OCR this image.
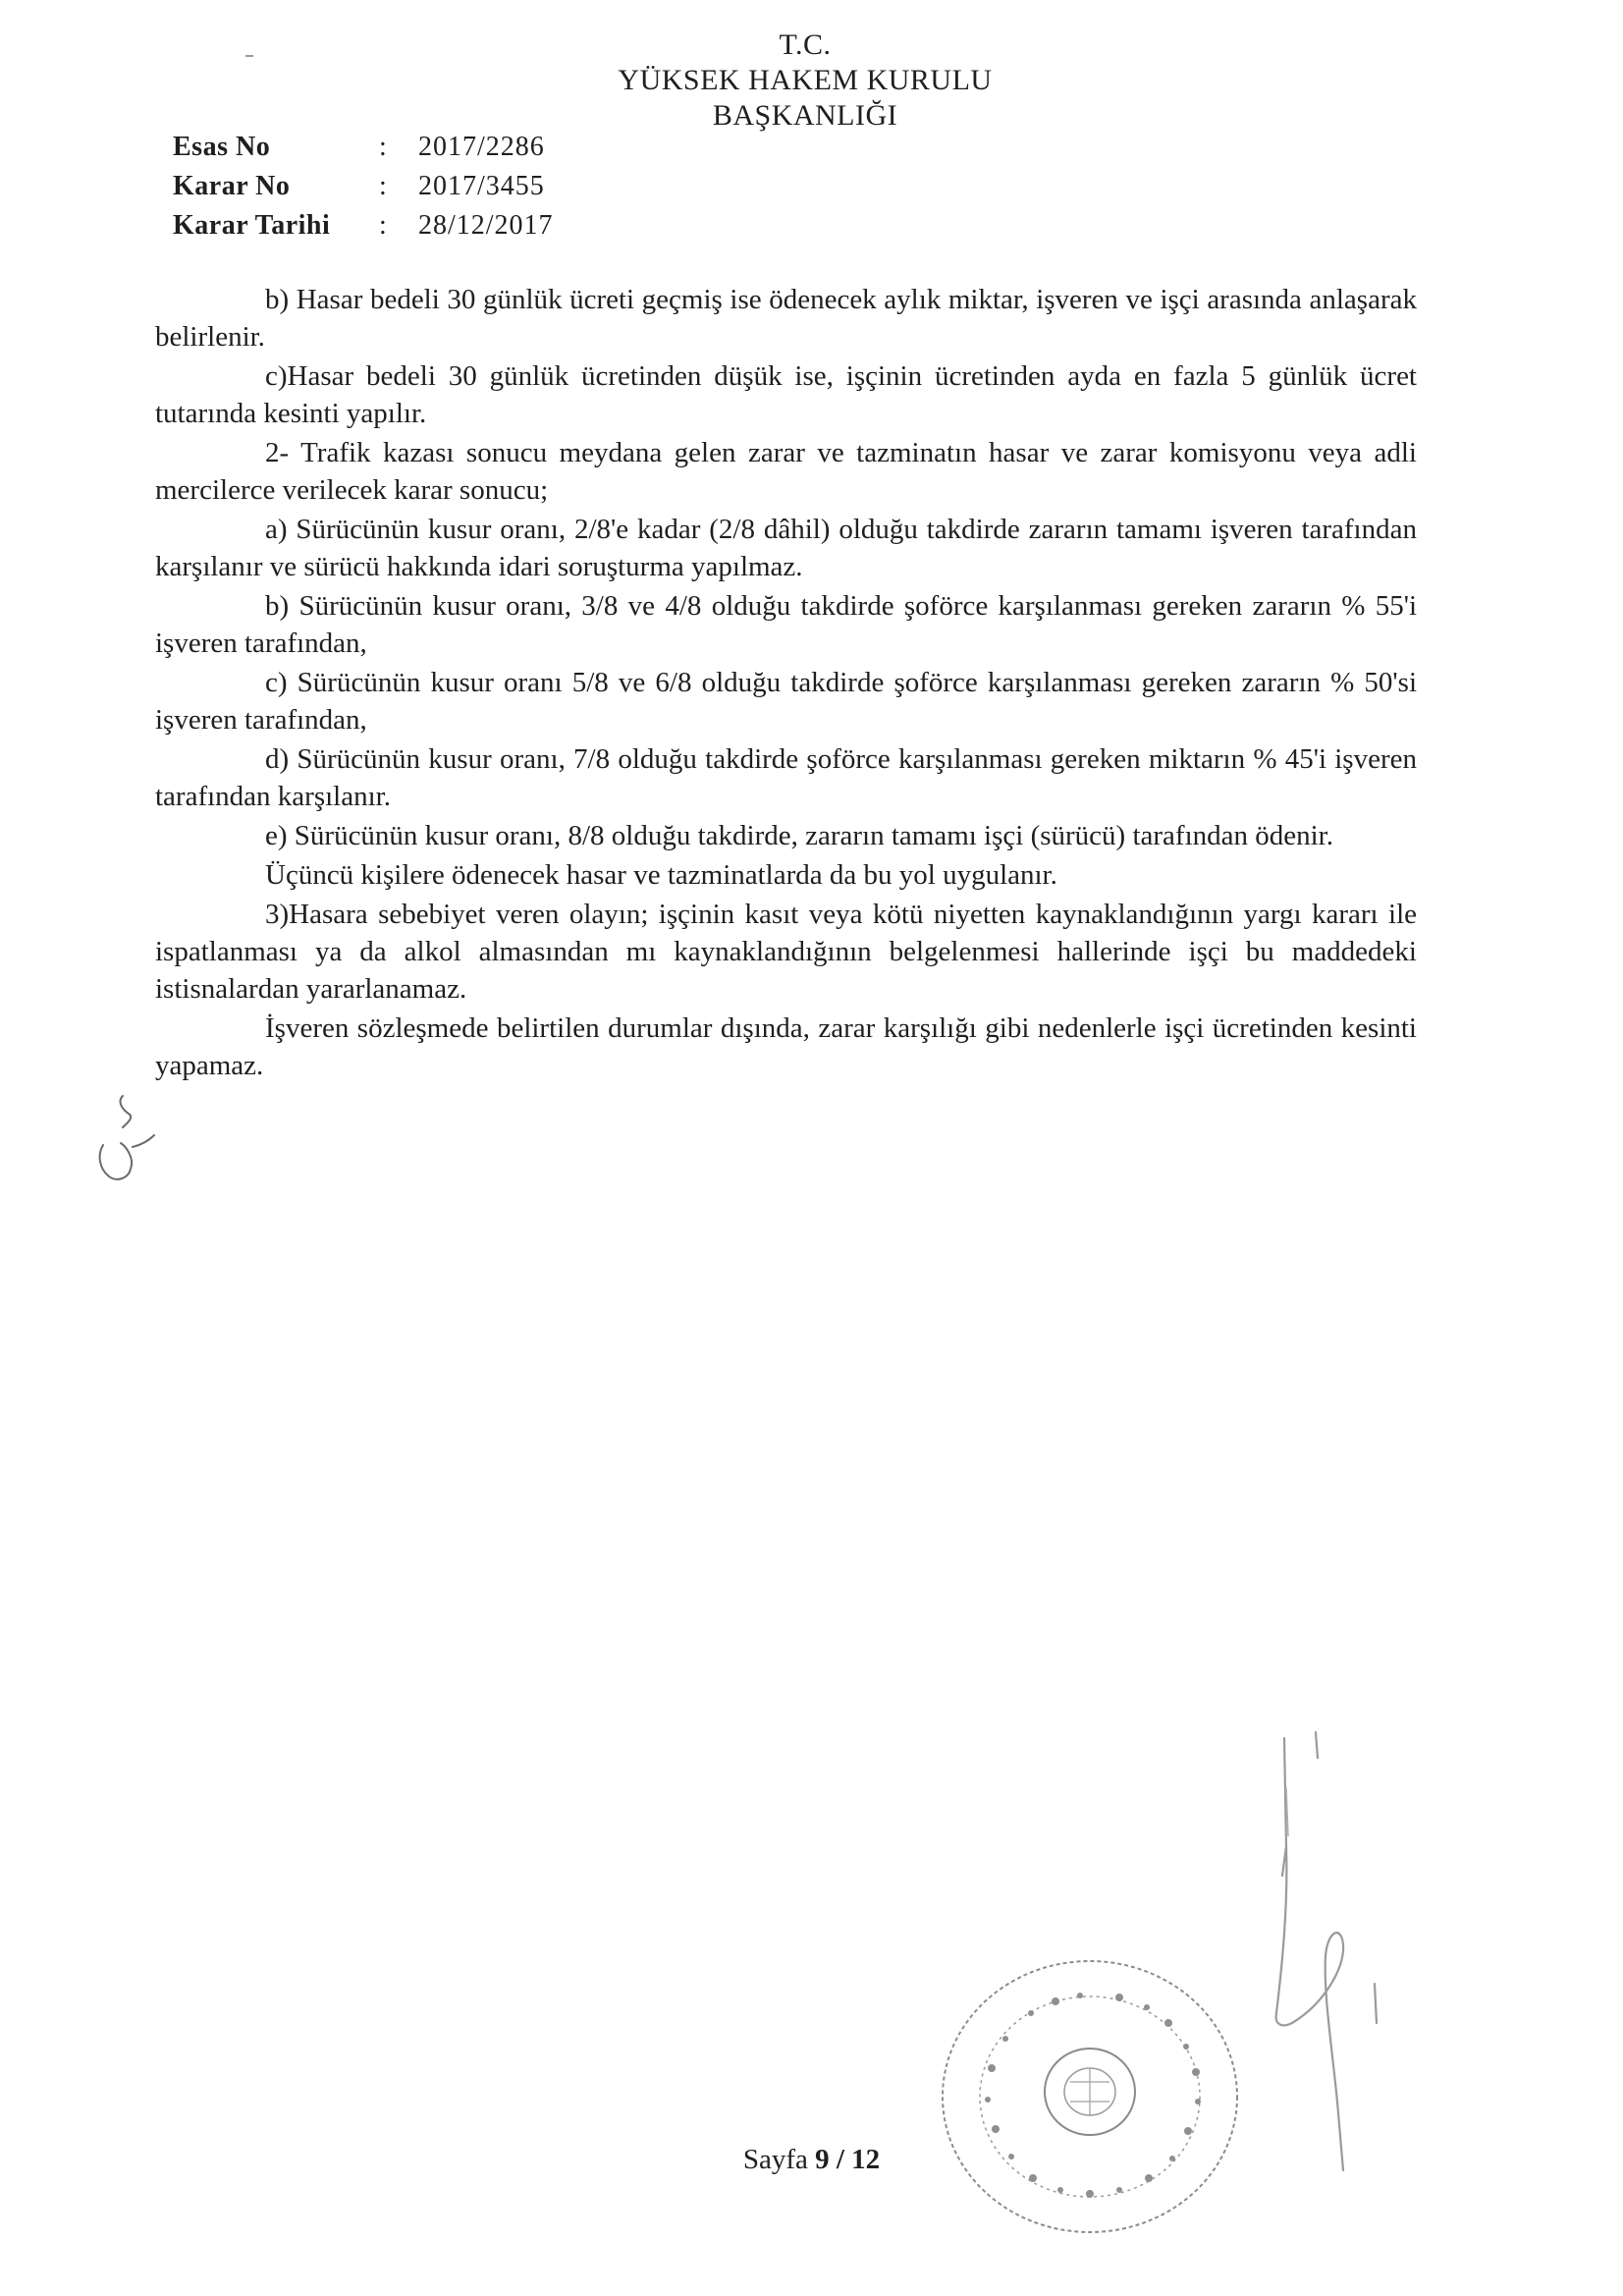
T.C.
YÜKSEK HAKEM KURULU
BAŞKANLIĞI
Esas No	:	2017/2286
Karar No	:	2017/3455
Karar Tarihi	:	28/12/2017

b) Hasar bedeli 30 günlük ücreti geçmiş ise ödenecek aylık miktar, işveren ve işçi arasında anlaşarak belirlenir.

c)Hasar bedeli 30 günlük ücretinden düşük ise, işçinin ücretinden ayda en fazla 5 günlük ücret tutarında kesinti yapılır.

2- Trafik kazası sonucu meydana gelen zarar ve tazminatın hasar ve zarar komisyonu veya adli mercilerce verilecek karar sonucu;

a) Sürücünün kusur oranı, 2/8'e kadar (2/8 dâhil) olduğu takdirde zararın tamamı işveren tarafından karşılanır ve sürücü hakkında idari soruşturma yapılmaz.

b) Sürücünün kusur oranı, 3/8 ve 4/8 olduğu takdirde şoförce karşılanması gereken zararın % 55'i işveren tarafından,

c) Sürücünün kusur oranı 5/8 ve 6/8 olduğu takdirde şoförce karşılanması gereken zararın % 50'si işveren tarafından,

d) Sürücünün kusur oranı, 7/8 olduğu takdirde şoförce karşılanması gereken miktarın % 45'i işveren tarafından karşılanır.

e) Sürücünün kusur oranı, 8/8 olduğu takdirde, zararın tamamı işçi (sürücü) tarafından ödenir.

Üçüncü kişilere ödenecek hasar ve tazminatlarda da bu yol uygulanır.

3)Hasara sebebiyet veren olayın; işçinin kasıt veya kötü niyetten kaynaklandığının yargı kararı ile ispatlanması ya da alkol almasından mı kaynaklandığının belgelenmesi hallerinde işçi bu maddedeki istisnalardan yararlanamaz.

İşveren sözleşmede belirtilen durumlar dışında, zarar karşılığı gibi nedenlerle işçi ücretinden kesinti yapamaz.

Sayfa 9 / 12
